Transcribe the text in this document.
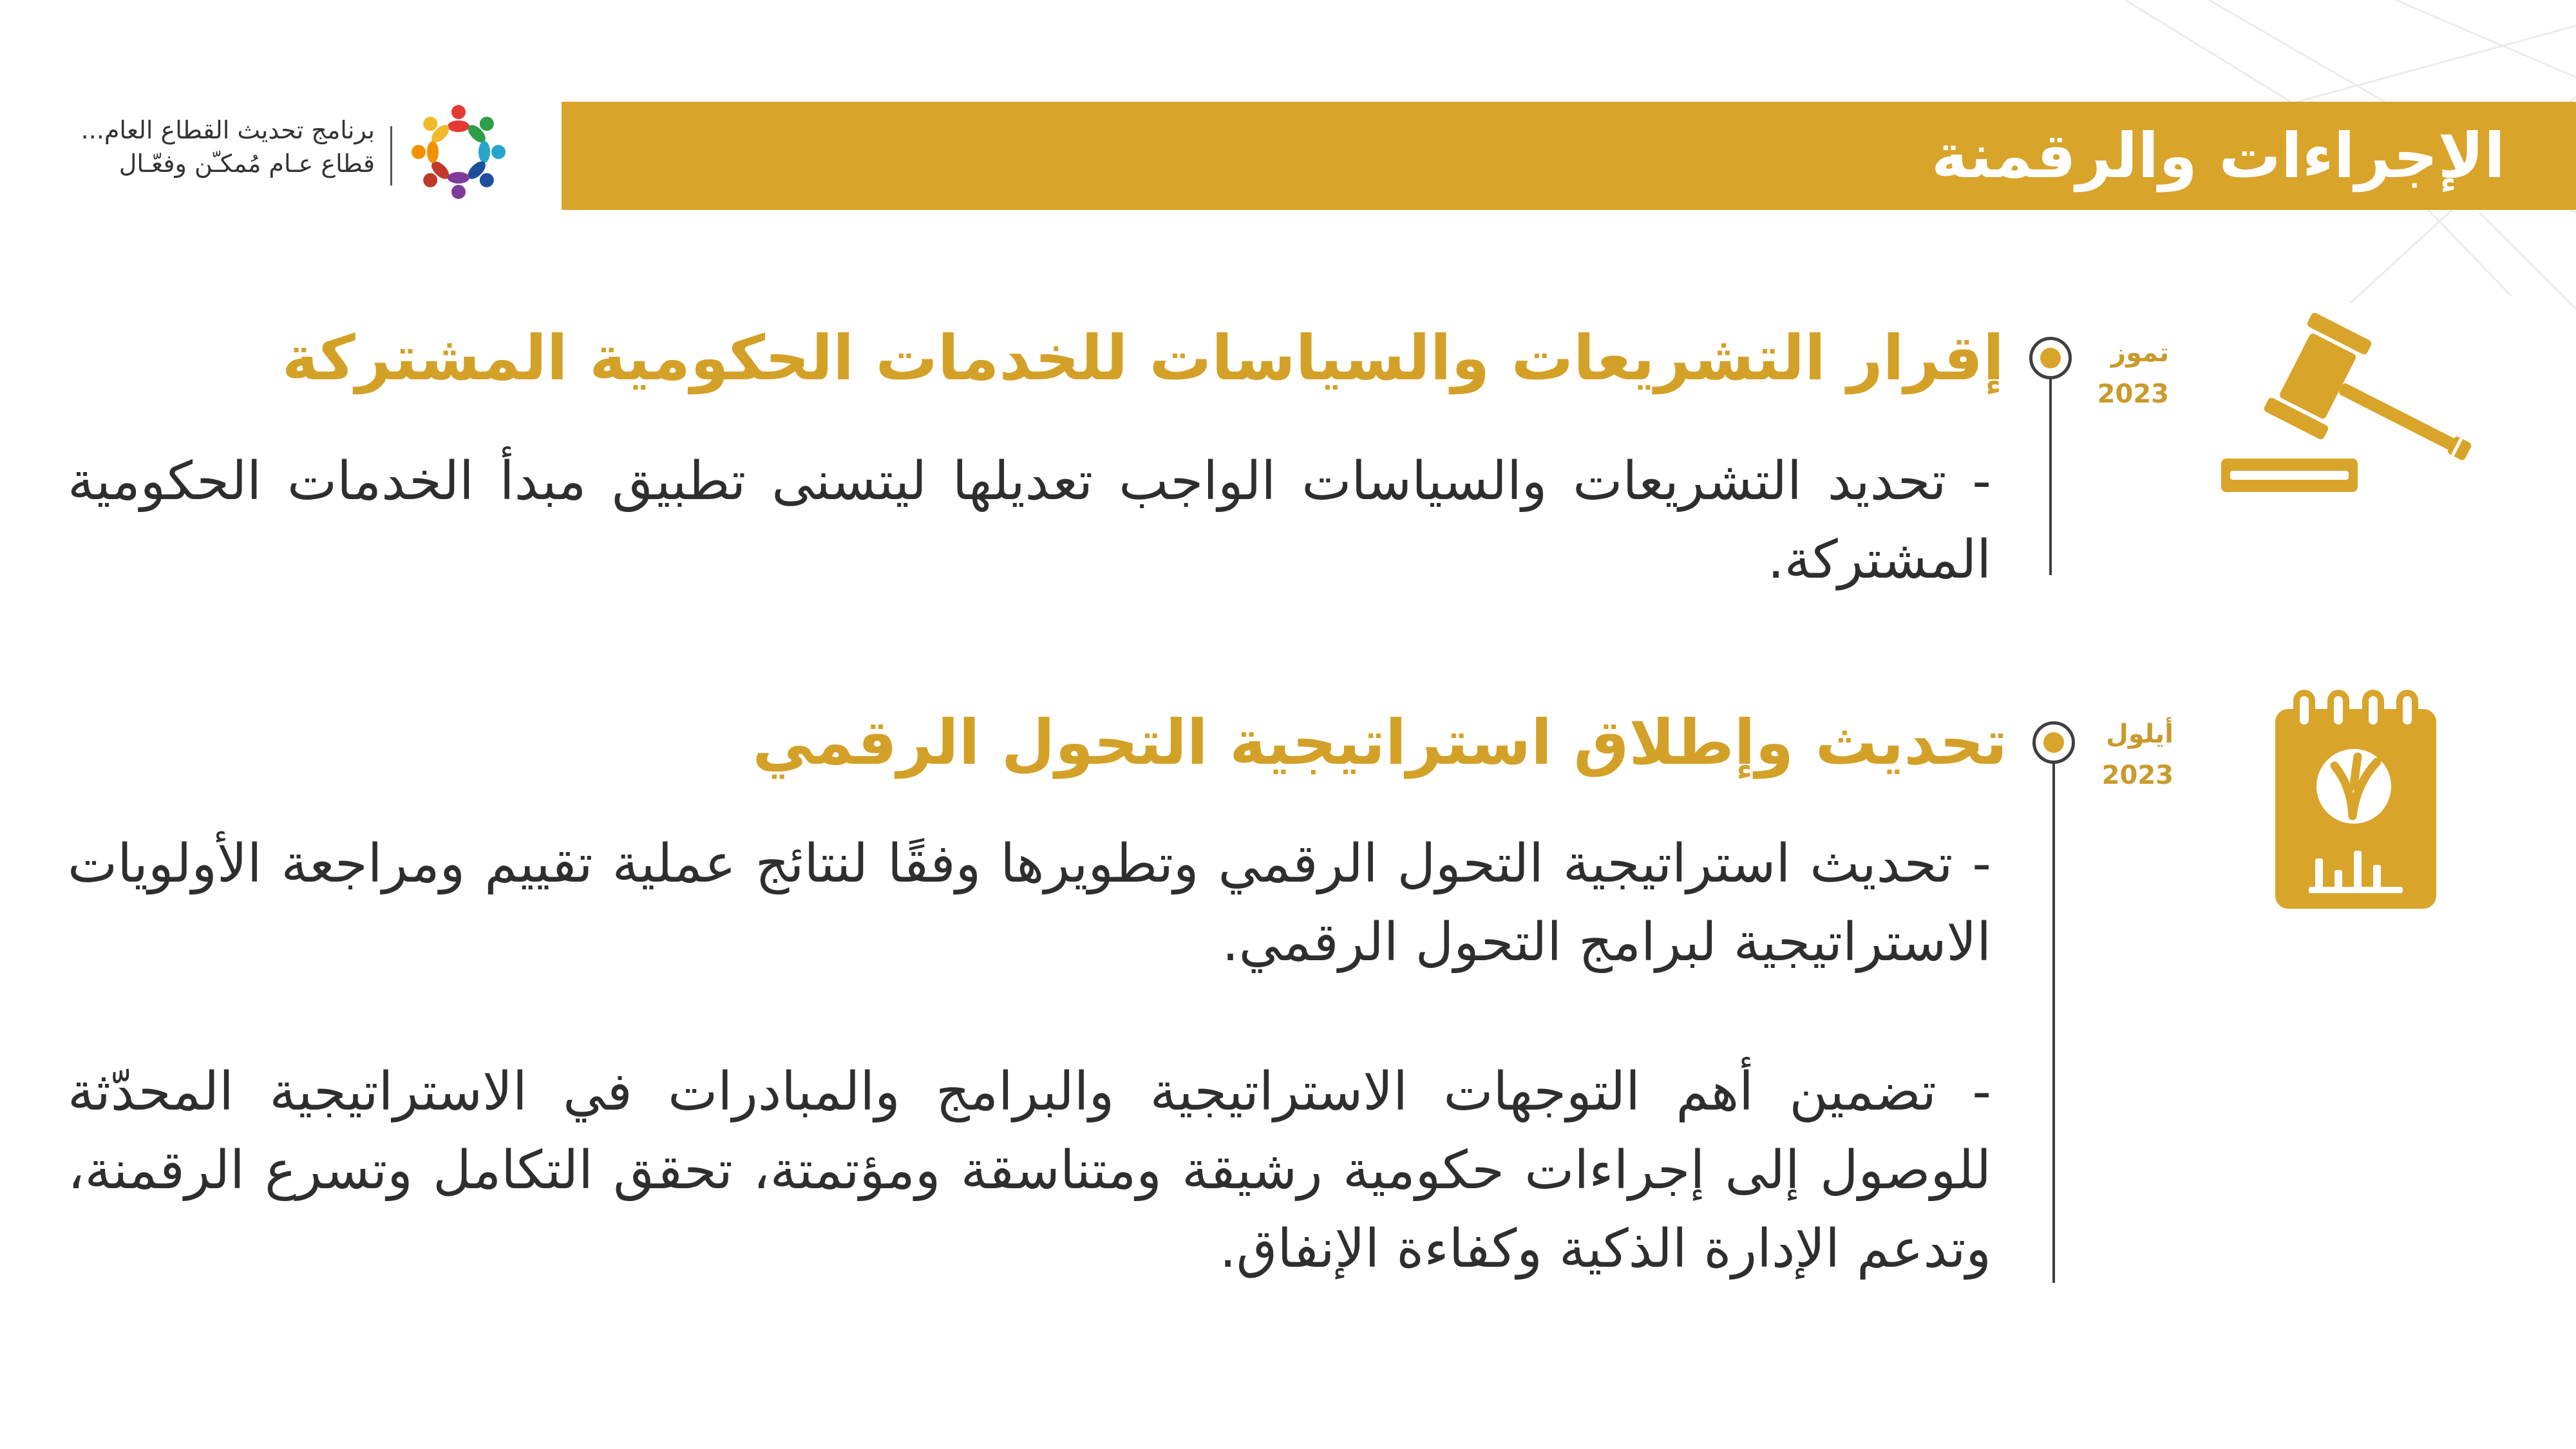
الإجراءات والرقمنة
برنامج تحديث القطاع العام...
قطاع عـام مُمكـّن وفعّـال
تموز
2023
إقرار التشريعات والسياسات للخدمات الحكومية المشتركة

- تحديد التشريعات والسياسات الواجب تعديلها ليتسنى تطبيق مبدأ الخدمات الحكومية المشتركة.

أيلول
2023
تحديث وإطلاق استراتيجية التحول الرقمي

- تحديث استراتيجية التحول الرقمي وتطويرها وفقًا لنتائج عملية تقييم ومراجعة الأولويات الاستراتيجية لبرامج التحول الرقمي.

- تضمين أهم التوجهات الاستراتيجية والبرامج والمبادرات في الاستراتيجية المحدّثة للوصول إلى إجراءات حكومية رشيقة ومتناسقة ومؤتمتة، تحقق التكامل وتسرع الرقمنة، وتدعم الإدارة الذكية وكفاءة الإنفاق.
